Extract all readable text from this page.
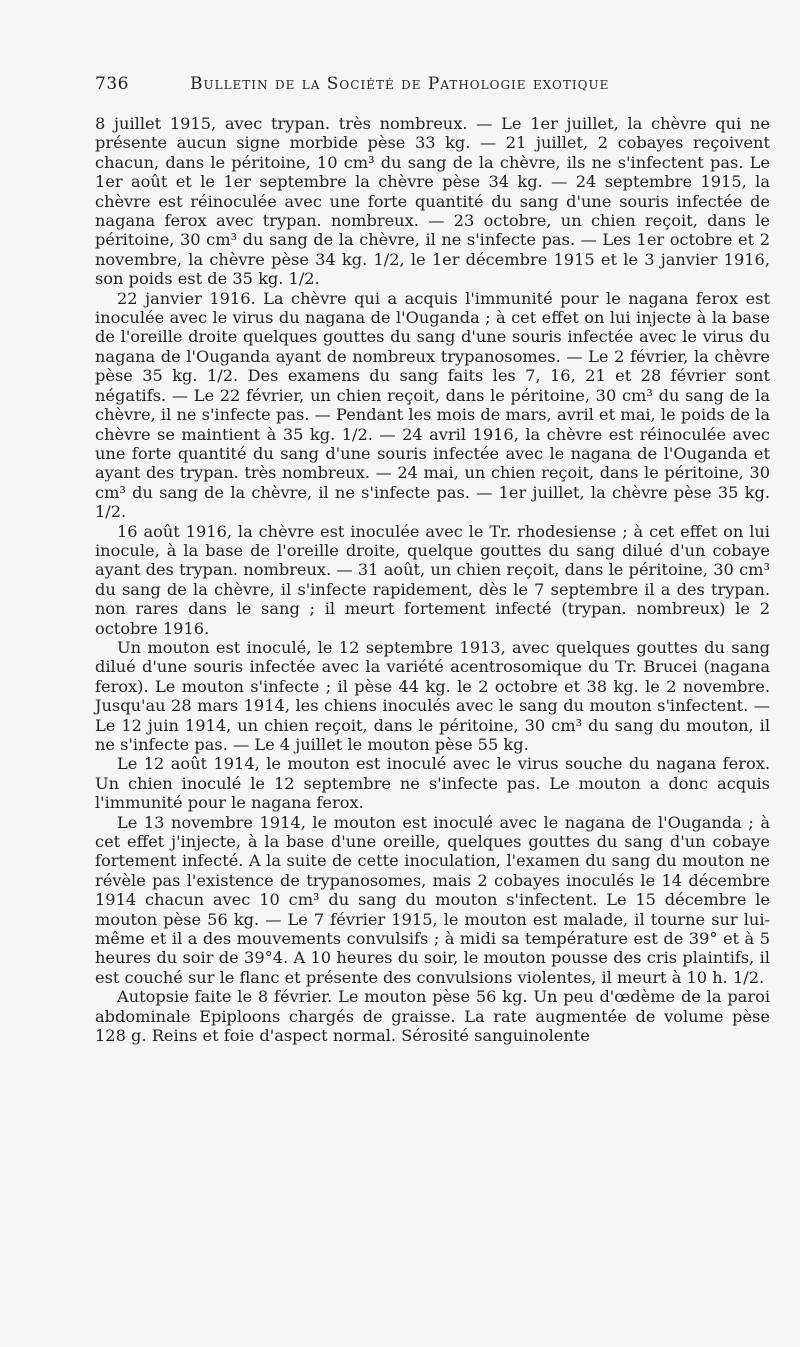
736	Bulletin de la Société de Pathologie exotique

8 juillet 1915, avec trypan. très nombreux. — Le 1er juillet, la chèvre qui ne présente aucun signe morbide pèse 33 kg. — 21 juillet, 2 cobayes reçoivent chacun, dans le péritoine, 10 cm³ du sang de la chèvre, ils ne s'infectent pas. Le 1er août et le 1er septembre la chèvre pèse 34 kg. — 24 septembre 1915, la chèvre est réinoculée avec une forte quantité du sang d'une souris infectée de nagana ferox avec trypan. nombreux. — 23 octobre, un chien reçoit, dans le péritoine, 30 cm³ du sang de la chèvre, il ne s'infecte pas. — Les 1er octobre et 2 novembre, la chèvre pèse 34 kg. 1/2, le 1er décembre 1915 et le 3 janvier 1916, son poids est de 35 kg. 1/2.

22 janvier 1916. La chèvre qui a acquis l'immunité pour le nagana ferox est inoculée avec le virus du nagana de l'Ouganda ; à cet effet on lui injecte à la base de l'oreille droite quelques gouttes du sang d'une souris infectée avec le virus du nagana de l'Ouganda ayant de nombreux trypanosomes. — Le 2 février, la chèvre pèse 35 kg. 1/2. Des examens du sang faits les 7, 16, 21 et 28 février sont négatifs. — Le 22 février, un chien reçoit, dans le péritoine, 30 cm³ du sang de la chèvre, il ne s'infecte pas. — Pendant les mois de mars, avril et mai, le poids de la chèvre se maintient à 35 kg. 1/2. — 24 avril 1916, la chèvre est réinoculée avec une forte quantité du sang d'une souris infectée avec le nagana de l'Ouganda et ayant des trypan. très nombreux. — 24 mai, un chien reçoit, dans le péritoine, 30 cm³ du sang de la chèvre, il ne s'infecte pas. — 1er juillet, la chèvre pèse 35 kg. 1/2.

16 août 1916, la chèvre est inoculée avec le Tr. rhodesiense ; à cet effet on lui inocule, à la base de l'oreille droite, quelque gouttes du sang dilué d'un cobaye ayant des trypan. nombreux. — 31 août, un chien reçoit, dans le péritoine, 30 cm³ du sang de la chèvre, il s'infecte rapidement, dès le 7 septembre il a des trypan. non rares dans le sang ; il meurt fortement infecté (trypan. nombreux) le 2 octobre 1916.

Un mouton est inoculé, le 12 septembre 1913, avec quelques gouttes du sang dilué d'une souris infectée avec la variété acentrosomique du Tr. Brucei (nagana ferox). Le mouton s'infecte ; il pèse 44 kg. le 2 octobre et 38 kg. le 2 novembre. Jusqu'au 28 mars 1914, les chiens inoculés avec le sang du mouton s'infectent. — Le 12 juin 1914, un chien reçoit, dans le péritoine, 30 cm³ du sang du mouton, il ne s'infecte pas. — Le 4 juillet le mouton pèse 55 kg.

Le 12 août 1914, le mouton est inoculé avec le virus souche du nagana ferox. Un chien inoculé le 12 septembre ne s'infecte pas. Le mouton a donc acquis l'immunité pour le nagana ferox.

Le 13 novembre 1914, le mouton est inoculé avec le nagana de l'Ouganda ; à cet effet j'injecte, à la base d'une oreille, quelques gouttes du sang d'un cobaye fortement infecté. A la suite de cette inoculation, l'examen du sang du mouton ne révèle pas l'existence de trypanosomes, mais 2 cobayes inoculés le 14 décembre 1914 chacun avec 10 cm³ du sang du mouton s'infectent. Le 15 décembre le mouton pèse 56 kg. — Le 7 février 1915, le mouton est malade, il tourne sur lui-même et il a des mouvements convulsifs ; à midi sa température est de 39° et à 5 heures du soir de 39°4. A 10 heures du soir, le mouton pousse des cris plaintifs, il est couché sur le flanc et présente des convulsions violentes, il meurt à 10 h. 1/2.

Autopsie faite le 8 février. Le mouton pèse 56 kg. Un peu d'œdème de la paroi abdominale Epiploons chargés de graisse. La rate augmentée de volume pèse 128 g. Reins et foie d'aspect normal. Sérosité sanguinolente
